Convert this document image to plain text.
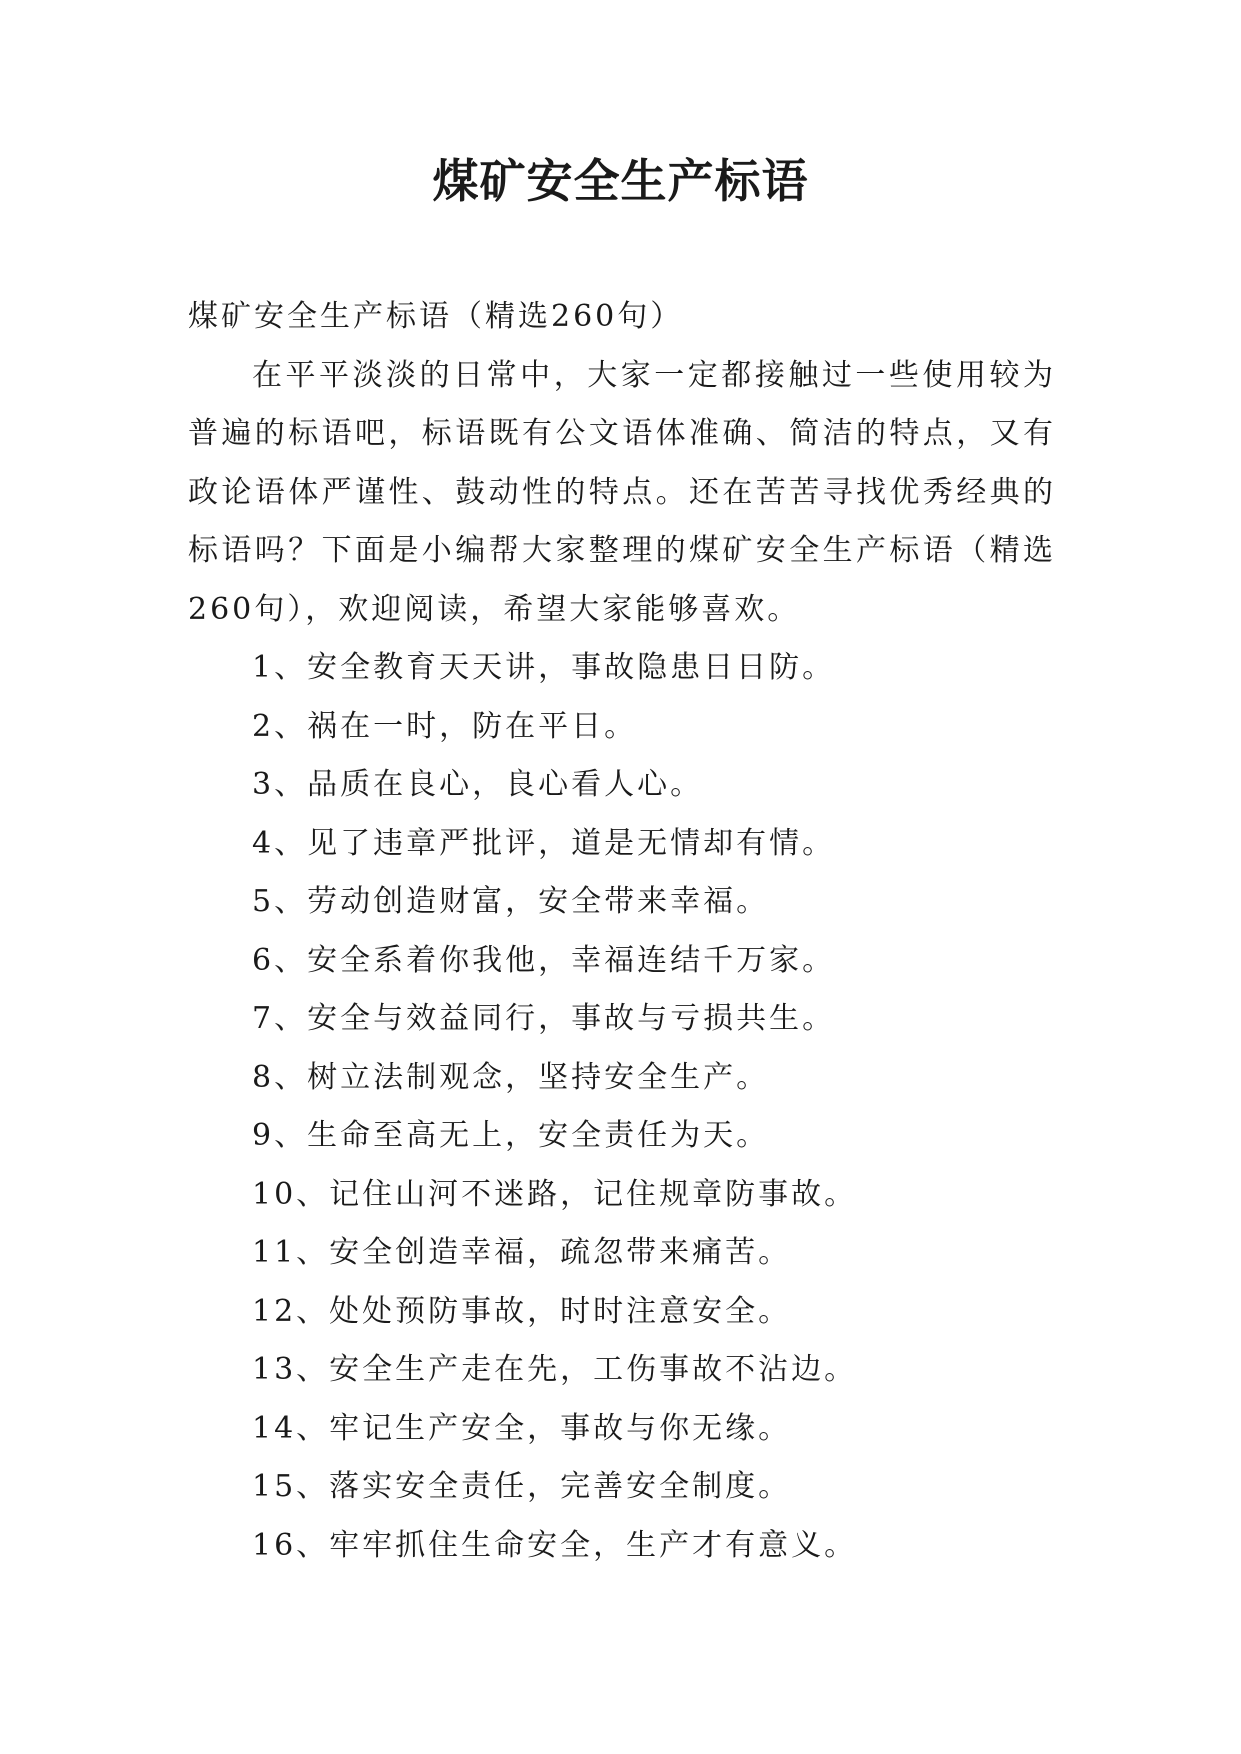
煤矿安全生产标语

煤矿安全生产标语（精选260句）

在平平淡淡的日常中，大家一定都接触过一些使用较为普遍的标语吧，标语既有公文语体准确、简洁的特点，又有政论语体严谨性、鼓动性的特点。还在苦苦寻找优秀经典的标语吗？下面是小编帮大家整理的煤矿安全生产标语（精选260句），欢迎阅读，希望大家能够喜欢。

1、安全教育天天讲，事故隐患日日防。
2、祸在一时，防在平日。
3、品质在良心，良心看人心。
4、见了违章严批评，道是无情却有情。
5、劳动创造财富，安全带来幸福。
6、安全系着你我他，幸福连结千万家。
7、安全与效益同行，事故与亏损共生。
8、树立法制观念，坚持安全生产。
9、生命至高无上，安全责任为天。
10、记住山河不迷路，记住规章防事故。
11、安全创造幸福，疏忽带来痛苦。
12、处处预防事故，时时注意安全。
13、安全生产走在先，工伤事故不沾边。
14、牢记生产安全，事故与你无缘。
15、落实安全责任，完善安全制度。
16、牢牢抓住生命安全，生产才有意义。
